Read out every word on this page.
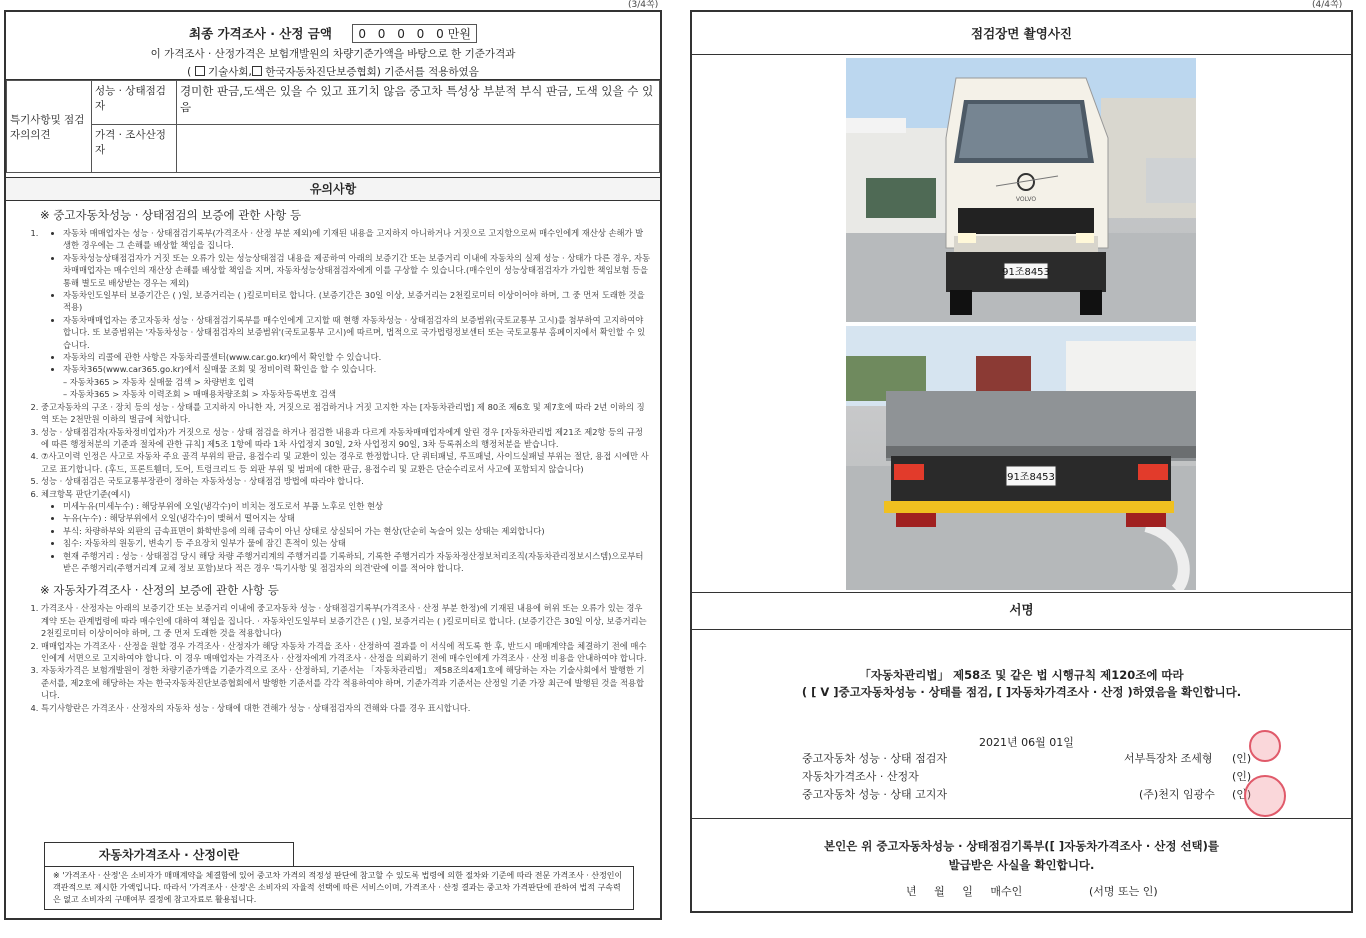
(3/4쪽)	(4/4쪽)
최종 가격조사 · 산정 금액 0 0 0 0 0만원
이 가격조사 · 산정가격은 보험개발원의 차량기준가액을 바탕으로 한 기준가격과
(  기술사회, 한국자동차진단보증협회) 기준서를 적용하였음
특기사항및 점검자의의견	성능 · 상태점검자	경미한 판금,도색은 있을 수 있고 표기치 않음 중고차 특성상 부분적 부식 판금, 도색 있을 수 있음
	가격 · 조사산정자	
유의사항
※ 중고자동차성능 · 상태점검의 보증에 관한 사항 등
• 1. 자동차 매매업자는 성능 · 상태점검기록부(가격조사 · 산정 부분 제외)에 기재된 내용을 고지하지 아니하거나 거짓으로 고지함으로써 매수인에게 재산상 손해가 발생한 경우에는 그 손해를 배상할 책임을 집니다.
• 자동차성능상태점검자가 거짓 또는 오류가 있는 성능상태점검 내용을 제공하여 아래의 보증기간 또는 보증거리 이내에 자동차의 실제 성능 · 상태가 다른 경우, 자동차매매업자는 매수인의 재산상 손해를 배상할 책임을 지며, 자동차성능상태점검자에게 이를 구상할 수 있습니다.(매수인이 성능상태점검자가 가입한 책임보험 등을 통해 별도로 배상받는 경우는 제외)
• 자동차인도일부터 보증기간은 ( )일, 보증거리는 ( )킬로미터로 합니다. (보증기간은 30일 이상, 보증거리는 2천킬로미터 이상이어야 하며, 그 중 먼저 도래한 것을 적용)
• 자동차매매업자는 중고자동차 성능 · 상태점검기록부를 매수인에게 고지할 때 현행 자동차성능 · 상태점검자의 보증범위(국토교통부 고시)를 첨부하여 고지하여야 합니다. 또 보증범위는 '자동차성능 · 상태점검자의 보증범위'(국토교통부 고시)에 따르며, 법적으로 국가법령정보센터 또는 국토교통부 홈페이지에서 확인할 수 있습니다.
• 자동차의 리콜에 관한 사항은 자동차리콜센터(www.car.go.kr)에서 확인할 수 있습니다.
• 자동차365(www.car365.go.kr)에서 실매물 조회 및 정비이력 확인을 할 수 있습니다.
– 자동차365 > 자동차 실매물 검색 > 차량번호 입력
– 자동차365 > 자동차 이력조회 > 매매용차량조회 > 자동차등록번호 검색
2. 중고자동차의 구조 · 장치 등의 성능 · 상태를 고지하지 아니한 자, 거짓으로 점검하거나 거짓 고지한 자는 [자동차관리법] 제 80조 제6호 및 제7호에 따라 2년 이하의 징역 또는 2천만원 이하의 벌금에 처합니다.
3. 성능 · 상태점검자(자동차정비업자)가 거짓으로 성능 · 상태 점검을 하거나 점검한 내용과 다르게 자동차매매업자에게 알린 경우 [자동차관리법 제21조 제2항 등의 규정에 따른 행정처분의 기준과 절차에 관한 규칙] 제5조 1항에 따라 1차 사업정지 30일, 2차 사업정지 90일, 3차 등록취소의 행정처분을 받습니다.
4. ⑦사고이력 인정은 사고로 자동차 주요 골격 부위의 판금, 용접수리 및 교환이 있는 경우로 한정합니다. 단 쿼터패널, 루프패널, 사이드실패널 부위는 절단, 용접 시에만 사고로 표기합니다. (후드, 프론트휀더, 도어, 트렁크리드 등 외판 부위 및 범퍼에 대한 판금, 용접수리 및 교환은 단순수리로서 사고에 포함되지 않습니다)
5. 성능 · 상태점검은 국토교통부장관이 정하는 자동차성능 · 상태점검 방법에 따라야 합니다.
6. 체크항목 판단기준(예시)
• 미세누유(미세누수) : 해당부위에 오일(냉각수)이 비치는 정도로서 부품 노후로 인한 현상
• 누유(누수) : 해당부위에서 오일(냉각수)이 맺혀서 떨어지는 상태
• 부식: 차량하부와 외판의 금속표면이 화학반응에 의해 금속이 아닌 상태로 상실되어 가는 현상(단순히 녹슬어 있는 상태는 제외합니다)
• 침수: 자동차의 원동기, 변속기 등 주요장치 일부가 물에 잠긴 흔적이 있는 상태
• 현재 주행거리 : 성능 · 상태점검 당시 해당 차량 주행거리계의 주행거리를 기록하되, 기록한 주행거리가 자동차정산정보처리조직(자동차관리정보시스템)으로부터 받은 주행거리(주행거리계 교체 정보 포함)보다 적은 경우 '특기사항 및 점검자의 의견'란에 이를 적어야 합니다.
※ 자동차가격조사 · 산정의 보증에 관한 사항 등
1. 가격조사 · 산정자는 아래의 보증기간 또는 보증거리 이내에 중고자동차 성능 · 상태점검기록부(가격조사 · 산정 부분 한정)에 기재된 내용에 허위 또는 오류가 있는 경우 계약 또는 관계법령에 따라 매수인에 대하여 책임을 집니다. · 자동차인도일부터 보증기간은 ( )일, 보증거리는 ( )킬로미터로 합니다. (보증기간은 30일 이상, 보증거리는 2천킬로미터 이상이어야 하며, 그 중 먼저 도래한 것을 적용합니다)
2. 매매업자는 가격조사 · 산정을 원할 경우 가격조사 · 산정자가 해당 자동차 가격을 조사 · 산정하여 결과를 이 서식에 적도록 한 후, 반드시 매매계약을 체결하기 전에 매수인에게 서면으로 고지하여야 합니다. 이 경우 매매업자는 가격조사 · 산정자에게 가격조사 · 산정을 의뢰하기 전에 매수인에게 가격조사 · 산정 비용을 안내하여야 합니다.
3. 자동차가격은 보험개발원이 정한 차량기준가액을 기준가격으로 조사 · 산정하되, 기준서는 「자동차관리법」 제58조의4제1호에 해당하는 자는 기술사회에서 발행한 기준서를, 제2호에 해당하는 자는 한국자동차진단보증협회에서 발행한 기준서를 각각 적용하여야 하며, 기준가격과 기준서는 산정일 기준 가장 최근에 발행된 것을 적용합니다.
4. 특기사항란은 가격조사 · 산정자의 자동차 성능 · 상태에 대한 견해가 성능 · 상태점검자의 견해와 다를 경우 표시합니다.
자동차가격조사 · 산정이란
※ '가격조사 · 산정'은 소비자가 매매계약을 체결함에 있어 중고차 가격의 적정성 판단에 참고할 수 있도록 법령에 의한 절차와 기준에 따라 전문 가격조사 · 산정인이 객관적으로 제시한 가액입니다. 따라서 '가격조사 · 산정'은 소비자의 자율적 선택에 따른 서비스이며, 가격조사 · 산정 결과는 중고차 가격판단에 관하여 법적 구속력은 없고 소비자의 구매여부 결정에 참고자료로 활용됩니다.
점검장면 촬영사진
91조8453
VOLVO
91조8453
서명
「자동차관리법」 제58조 및 같은 법 시행규칙 제120조에 따라
( [ V ]중고자동차성능 · 상태를 점검, [ ]자동차가격조사 · 산정 )하였음을 확인합니다.
2021년 06월 01일
중고자동차 성능 · 상태 점검자	서부특장차 조세형 (인)
자동차가격조사 · 산정자	(인)
중고자동차 성능 · 상태 고지자	(주)천지 임광수 (인)
본인은 위 중고자동차성능 · 상태점검기록부([ ]자동차가격조사 · 산정 선택)를
발급받은 사실을 확인합니다.
년     월     일     매수인	(서명 또는 인)
